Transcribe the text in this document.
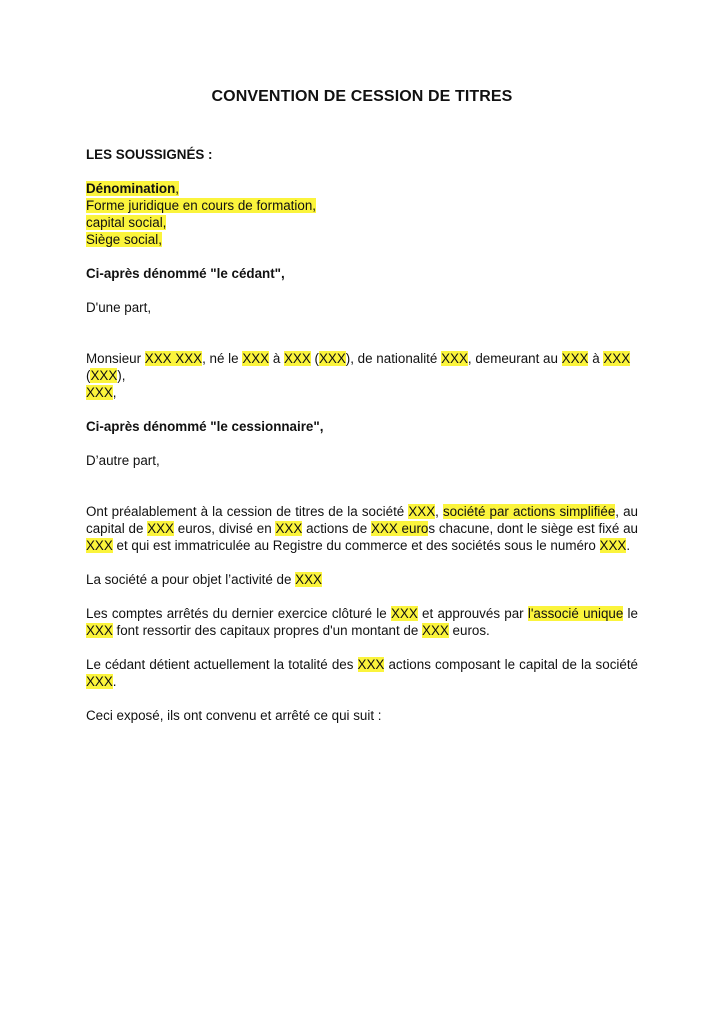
CONVENTION DE CESSION DE TITRES

LES SOUSSIGNÉS :

Dénomination,
Forme juridique en cours de formation,
capital social,
Siège social,

Ci-après dénommé "le cédant",

D'une part,

Monsieur XXX XXX, né le XXX à XXX (XXX), de nationalité XXX, demeurant au XXX à XXX (XXX),
XXX,

Ci-après dénommé "le cessionnaire",

D’autre part,

Ont préalablement à la cession de titres de la société XXX, société par actions simplifiée, au capital de XXX euros, divisé en XXX actions de XXX euros chacune, dont le siège est fixé au XXX et qui est immatriculée au Registre du commerce et des sociétés sous le numéro XXX.

La société a pour objet l’activité de XXX

Les comptes arrêtés du dernier exercice clôturé le XXX et approuvés par l'associé unique le XXX font ressortir des capitaux propres d'un montant de XXX euros.

Le cédant détient actuellement la totalité des XXX actions composant le capital de la société XXX.

Ceci exposé, ils ont convenu et arrêté ce qui suit :
